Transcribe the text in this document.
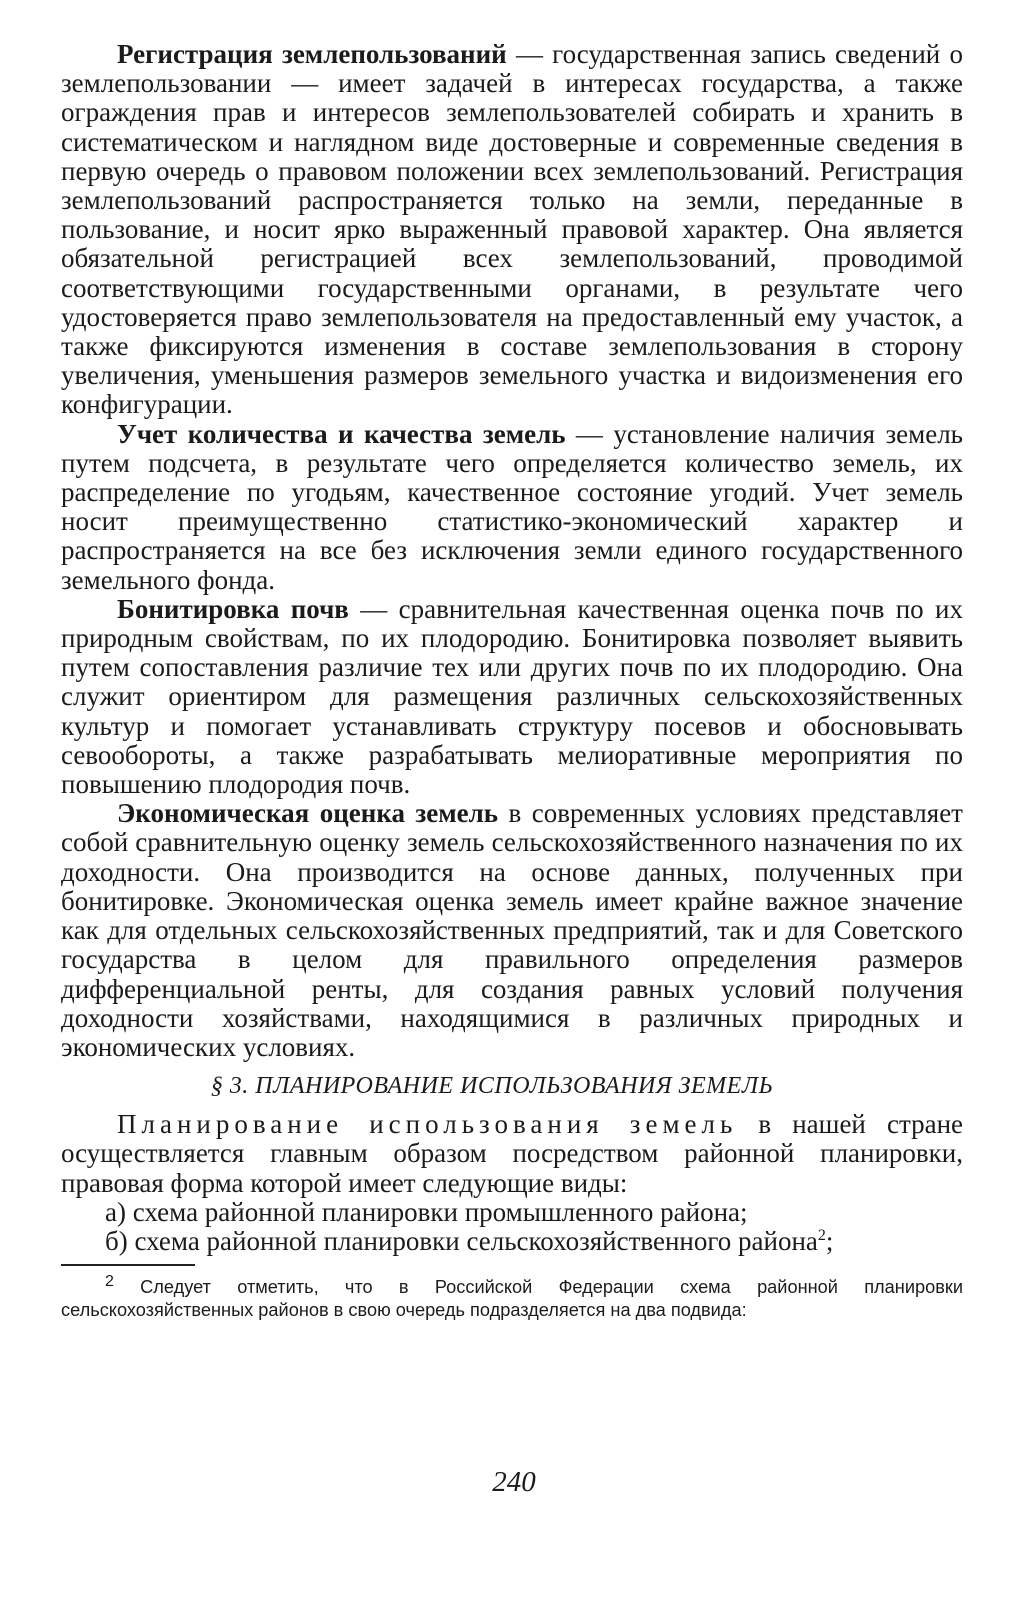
Регистрация землепользований — государственная запись сведений о землепользовании — имеет задачей в интересах государства, а также ограждения прав и интересов землепользователей собирать и хранить в систематическом и наглядном виде достоверные и современные сведения в первую очередь о правовом положении всех землепользований. Регистрация землепользований распространяется только на земли, переданные в пользование, и носит ярко выраженный правовой характер. Она является обязательной регистрацией всех землепользований, проводимой соответствующими государственными органами, в результате чего удостоверяется право землепользователя на предоставленный ему участок, а также фиксируются изменения в составе землепользования в сторону увеличения, уменьшения размеров земельного участка и видоизменения его конфигурации.

Учет количества и качества земель — установление наличия земель путем подсчета, в результате чего определяется количество земель, их распределение по угодьям, качественное состояние угодий. Учет земель носит преимущественно статистико-экономический характер и распространяется на все без исключения земли единого государственного земельного фонда.

Бонитировка почв — сравнительная качественная оценка почв по их природным свойствам, по их плодородию. Бонитировка позволяет выявить путем сопоставления различие тех или других почв по их плодородию. Она служит ориентиром для размещения различных сельскохозяйственных культур и помогает устанавливать структуру посевов и обосновывать севообороты, а также разрабатывать мелиоративные мероприятия по повышению плодородия почв.

Экономическая оценка земель в современных условиях представляет собой сравнительную оценку земель сельскохозяйственного назначения по их доходности. Она производится на основе данных, полученных при бонитировке. Экономическая оценка земель имеет крайне важное значение как для отдельных сельскохозяйственных предприятий, так и для Советского государства в целом для правильного определения размеров дифференциальной ренты, для создания равных условий получения доходности хозяйствами, находящимися в различных природных и экономических условиях.

§ 3. ПЛАНИРОВАНИЕ ИСПОЛЬЗОВАНИЯ ЗЕМЕЛЬ

Планирование использования земель в нашей стране осуществляется главным образом посредством районной планировки, правовая форма которой имеет следующие виды:

а) схема районной планировки промышленного района;

б) схема районной планировки сельскохозяйственного района$^2$;

$^2$ Следует отметить, что в Российской Федерации схема районной планировки сельскохозяйственных районов в свою очередь подразделяется на два подвида:

240
